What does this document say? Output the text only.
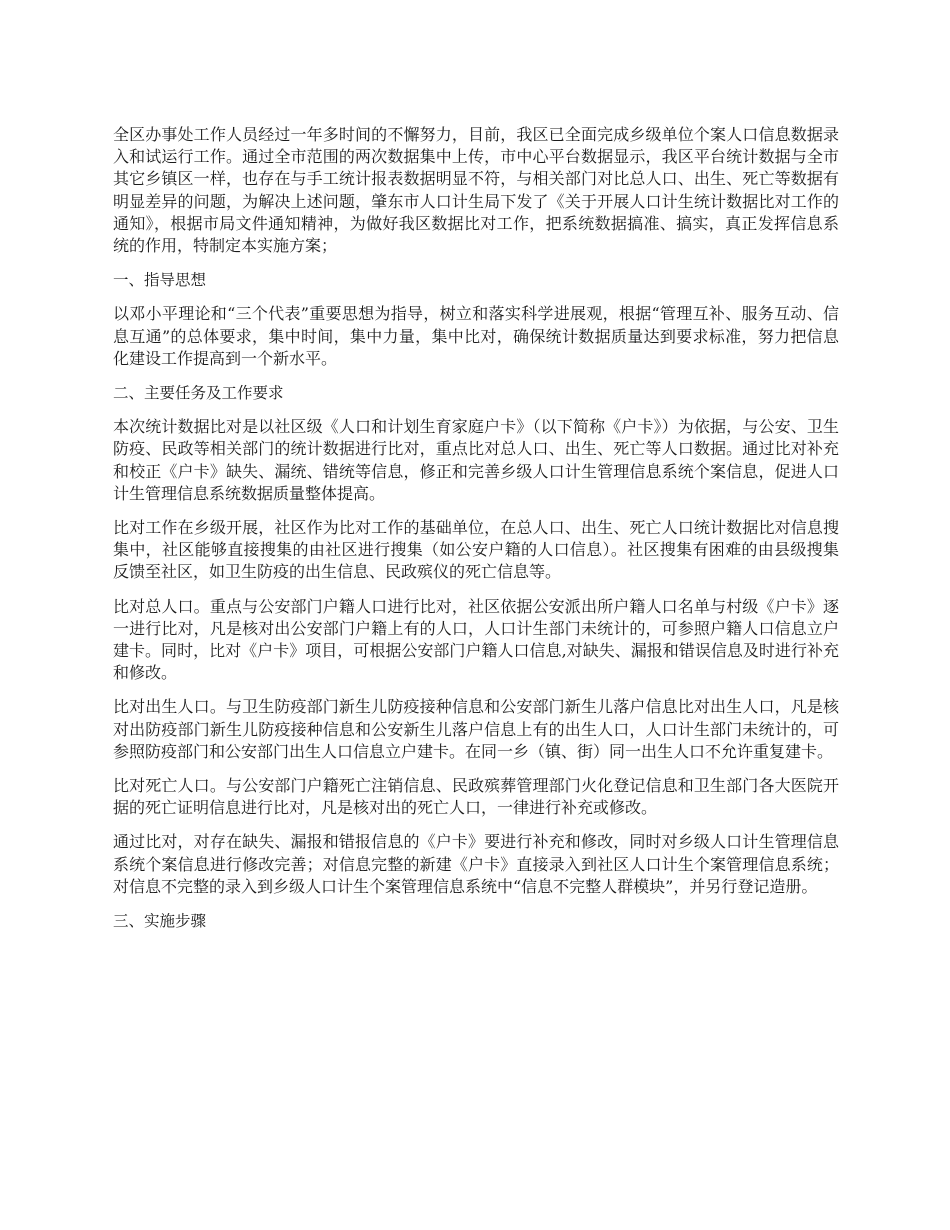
全区办事处工作人员经过一年多时间的不懈努力，目前，我区已全面完成乡级单位个案人口信息数据录入和试运行工作。通过全市范围的两次数据集中上传，市中心平台数据显示，我区平台统计数据与全市其它乡镇区一样，也存在与手工统计报表数据明显不符，与相关部门对比总人口、出生、死亡等数据有明显差异的问题，为解决上述问题，肇东市人口计生局下发了《关于开展人口计生统计数据比对工作的通知》，根据市局文件通知精神，为做好我区数据比对工作，把系统数据搞准、搞实，真正发挥信息系统的作用，特制定本实施方案；

一、指导思想

以邓小平理论和“三个代表”重要思想为指导，树立和落实科学进展观，根据“管理互补、服务互动、信息互通”的总体要求，集中时间，集中力量，集中比对，确保统计数据质量达到要求标准，努力把信息化建设工作提高到一个新水平。

二、主要任务及工作要求

本次统计数据比对是以社区级《人口和计划生育家庭户卡》（以下简称《户卡》）为依据，与公安、卫生防疫、民政等相关部门的统计数据进行比对，重点比对总人口、出生、死亡等人口数据。通过比对补充和校正《户卡》缺失、漏统、错统等信息，修正和完善乡级人口计生管理信息系统个案信息，促进人口计生管理信息系统数据质量整体提高。

比对工作在乡级开展，社区作为比对工作的基础单位，在总人口、出生、死亡人口统计数据比对信息搜集中，社区能够直接搜集的由社区进行搜集（如公安户籍的人口信息）。社区搜集有困难的由县级搜集反馈至社区，如卫生防疫的出生信息、民政殡仪的死亡信息等。

比对总人口。重点与公安部门户籍人口进行比对，社区依据公安派出所户籍人口名单与村级《户卡》逐一进行比对，凡是核对出公安部门户籍上有的人口，人口计生部门未统计的，可参照户籍人口信息立户建卡。同时，比对《户卡》项目，可根据公安部门户籍人口信息,对缺失、漏报和错误信息及时进行补充和修改。

比对出生人口。与卫生防疫部门新生儿防疫接种信息和公安部门新生儿落户信息比对出生人口，凡是核对出防疫部门新生儿防疫接种信息和公安新生儿落户信息上有的出生人口，人口计生部门未统计的，可参照防疫部门和公安部门出生人口信息立户建卡。在同一乡（镇、街）同一出生人口不允许重复建卡。

比对死亡人口。与公安部门户籍死亡注销信息、民政殡葬管理部门火化登记信息和卫生部门各大医院开据的死亡证明信息进行比对，凡是核对出的死亡人口，一律进行补充或修改。

通过比对，对存在缺失、漏报和错报信息的《户卡》要进行补充和修改，同时对乡级人口计生管理信息系统个案信息进行修改完善；对信息完整的新建《户卡》直接录入到社区人口计生个案管理信息系统；对信息不完整的录入到乡级人口计生个案管理信息系统中“信息不完整人群模块”，并另行登记造册。

三、实施步骤
